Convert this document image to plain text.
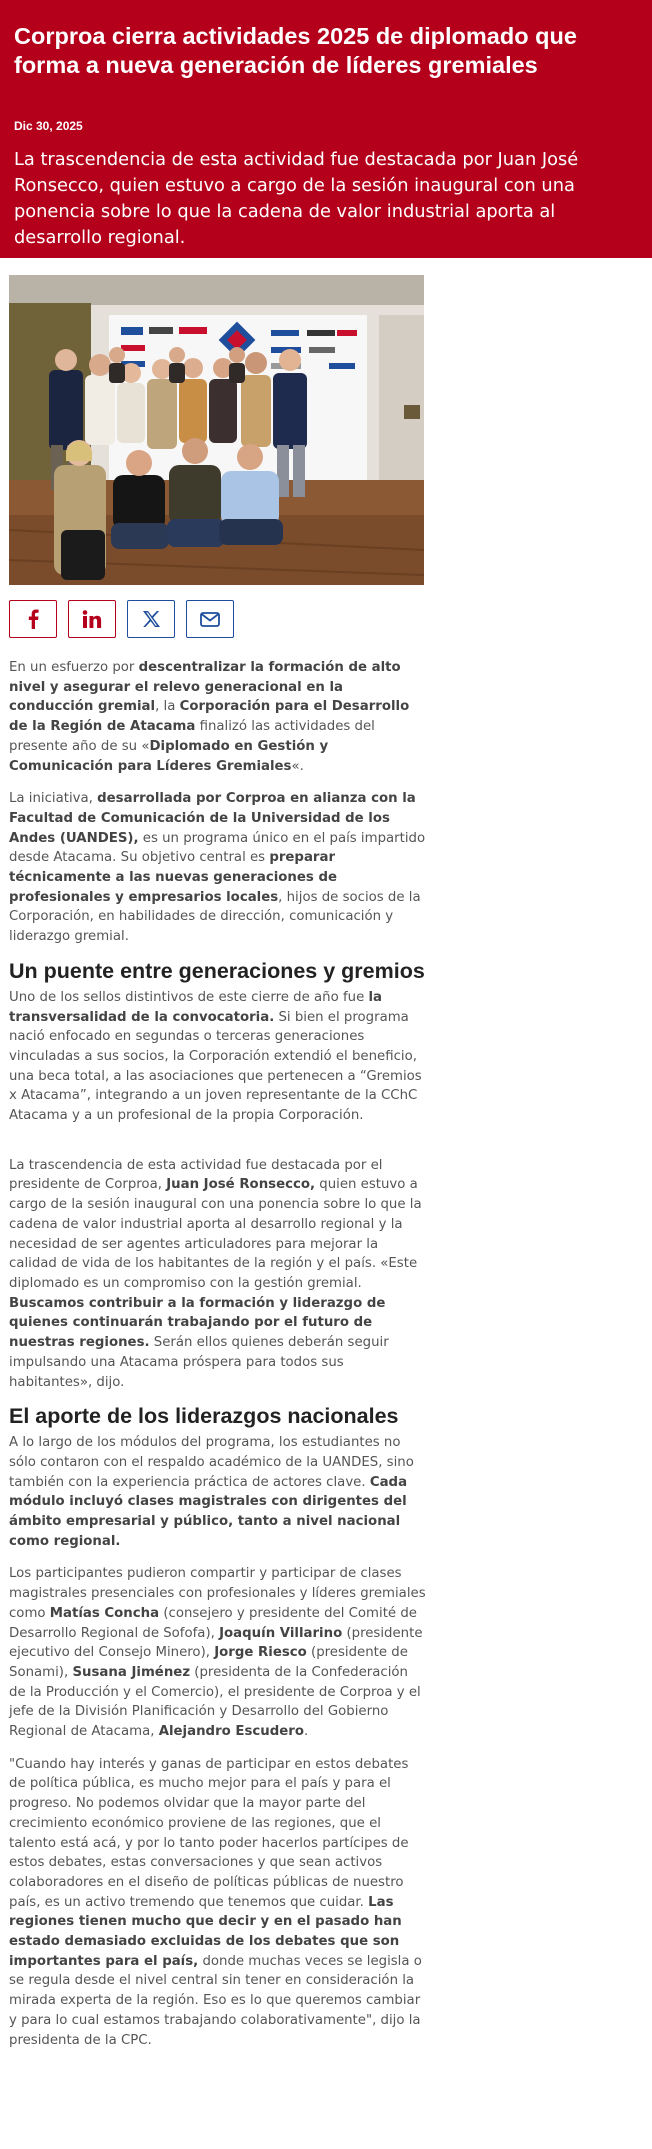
Corproa cierra actividades 2025 de diplomado que forma a nueva generación de líderes gremiales
Dic 30, 2025

La trascendencia de esta actividad fue destacada por Juan José Ronsecco, quien estuvo a cargo de la sesión inaugural con una ponencia sobre lo que la cadena de valor industrial aporta al desarrollo regional.

En un esfuerzo por descentralizar la formación de alto nivel y asegurar el relevo generacional en la conducción gremial, la Corporación para el Desarrollo de la Región de Atacama finalizó las actividades del presente año de su «Diplomado en Gestión y Comunicación para Líderes Gremiales«.

La iniciativa, desarrollada por Corproa en alianza con la Facultad de Comunicación de la Universidad de los Andes (UANDES), es un programa único en el país impartido desde Atacama. Su objetivo central es preparar técnicamente a las nuevas generaciones de profesionales y empresarios locales, hijos de socios de la Corporación, en habilidades de dirección, comunicación y liderazgo gremial.

Un puente entre generaciones y gremios

Uno de los sellos distintivos de este cierre de año fue la transversalidad de la convocatoria. Si bien el programa nació enfocado en segundas o terceras generaciones vinculadas a sus socios, la Corporación extendió el beneficio, una beca total, a las asociaciones que pertenecen a “Gremios x Atacama”, integrando a un joven representante de la CChC Atacama y a un profesional de la propia Corporación.

La trascendencia de esta actividad fue destacada por el presidente de Corproa, Juan José Ronsecco, quien estuvo a cargo de la sesión inaugural con una ponencia sobre lo que la cadena de valor industrial aporta al desarrollo regional y la necesidad de ser agentes articuladores para mejorar la calidad de vida de los habitantes de la región y el país. «Este diplomado es un compromiso con la gestión gremial. Buscamos contribuir a la formación y liderazgo de quienes continuarán trabajando por el futuro de nuestras regiones. Serán ellos quienes deberán seguir impulsando una Atacama próspera para todos sus habitantes», dijo.

El aporte de los liderazgos nacionales

A lo largo de los módulos del programa, los estudiantes no sólo contaron con el respaldo académico de la UANDES, sino también con la experiencia práctica de actores clave. Cada módulo incluyó clases magistrales con dirigentes del ámbito empresarial y público, tanto a nivel nacional como regional.

Los participantes pudieron compartir y participar de clases magistrales presenciales con profesionales y líderes gremiales como Matías Concha (consejero y presidente del Comité de Desarrollo Regional de Sofofa), Joaquín Villarino (presidente ejecutivo del Consejo Minero), Jorge Riesco (presidente de Sonami), Susana Jiménez (presidenta de la Confederación de la Producción y el Comercio), el presidente de Corproa y el jefe de la División Planificación y Desarrollo del Gobierno Regional de Atacama, Alejandro Escudero.

"Cuando hay interés y ganas de participar en estos debates de política pública, es mucho mejor para el país y para el progreso. No podemos olvidar que la mayor parte del crecimiento económico proviene de las regiones, que el talento está acá, y por lo tanto poder hacerlos partícipes de estos debates, estas conversaciones y que sean activos colaboradores en el diseño de políticas públicas de nuestro país, es un activo tremendo que tenemos que cuidar. Las regiones tienen mucho que decir y en el pasado han estado demasiado excluidas de los debates que son importantes para el país, donde muchas veces se legisla o se regula desde el nivel central sin tener en consideración la mirada experta de la región. Eso es lo que queremos cambiar y para lo cual estamos trabajando colaborativamente", dijo la presidenta de la CPC.
